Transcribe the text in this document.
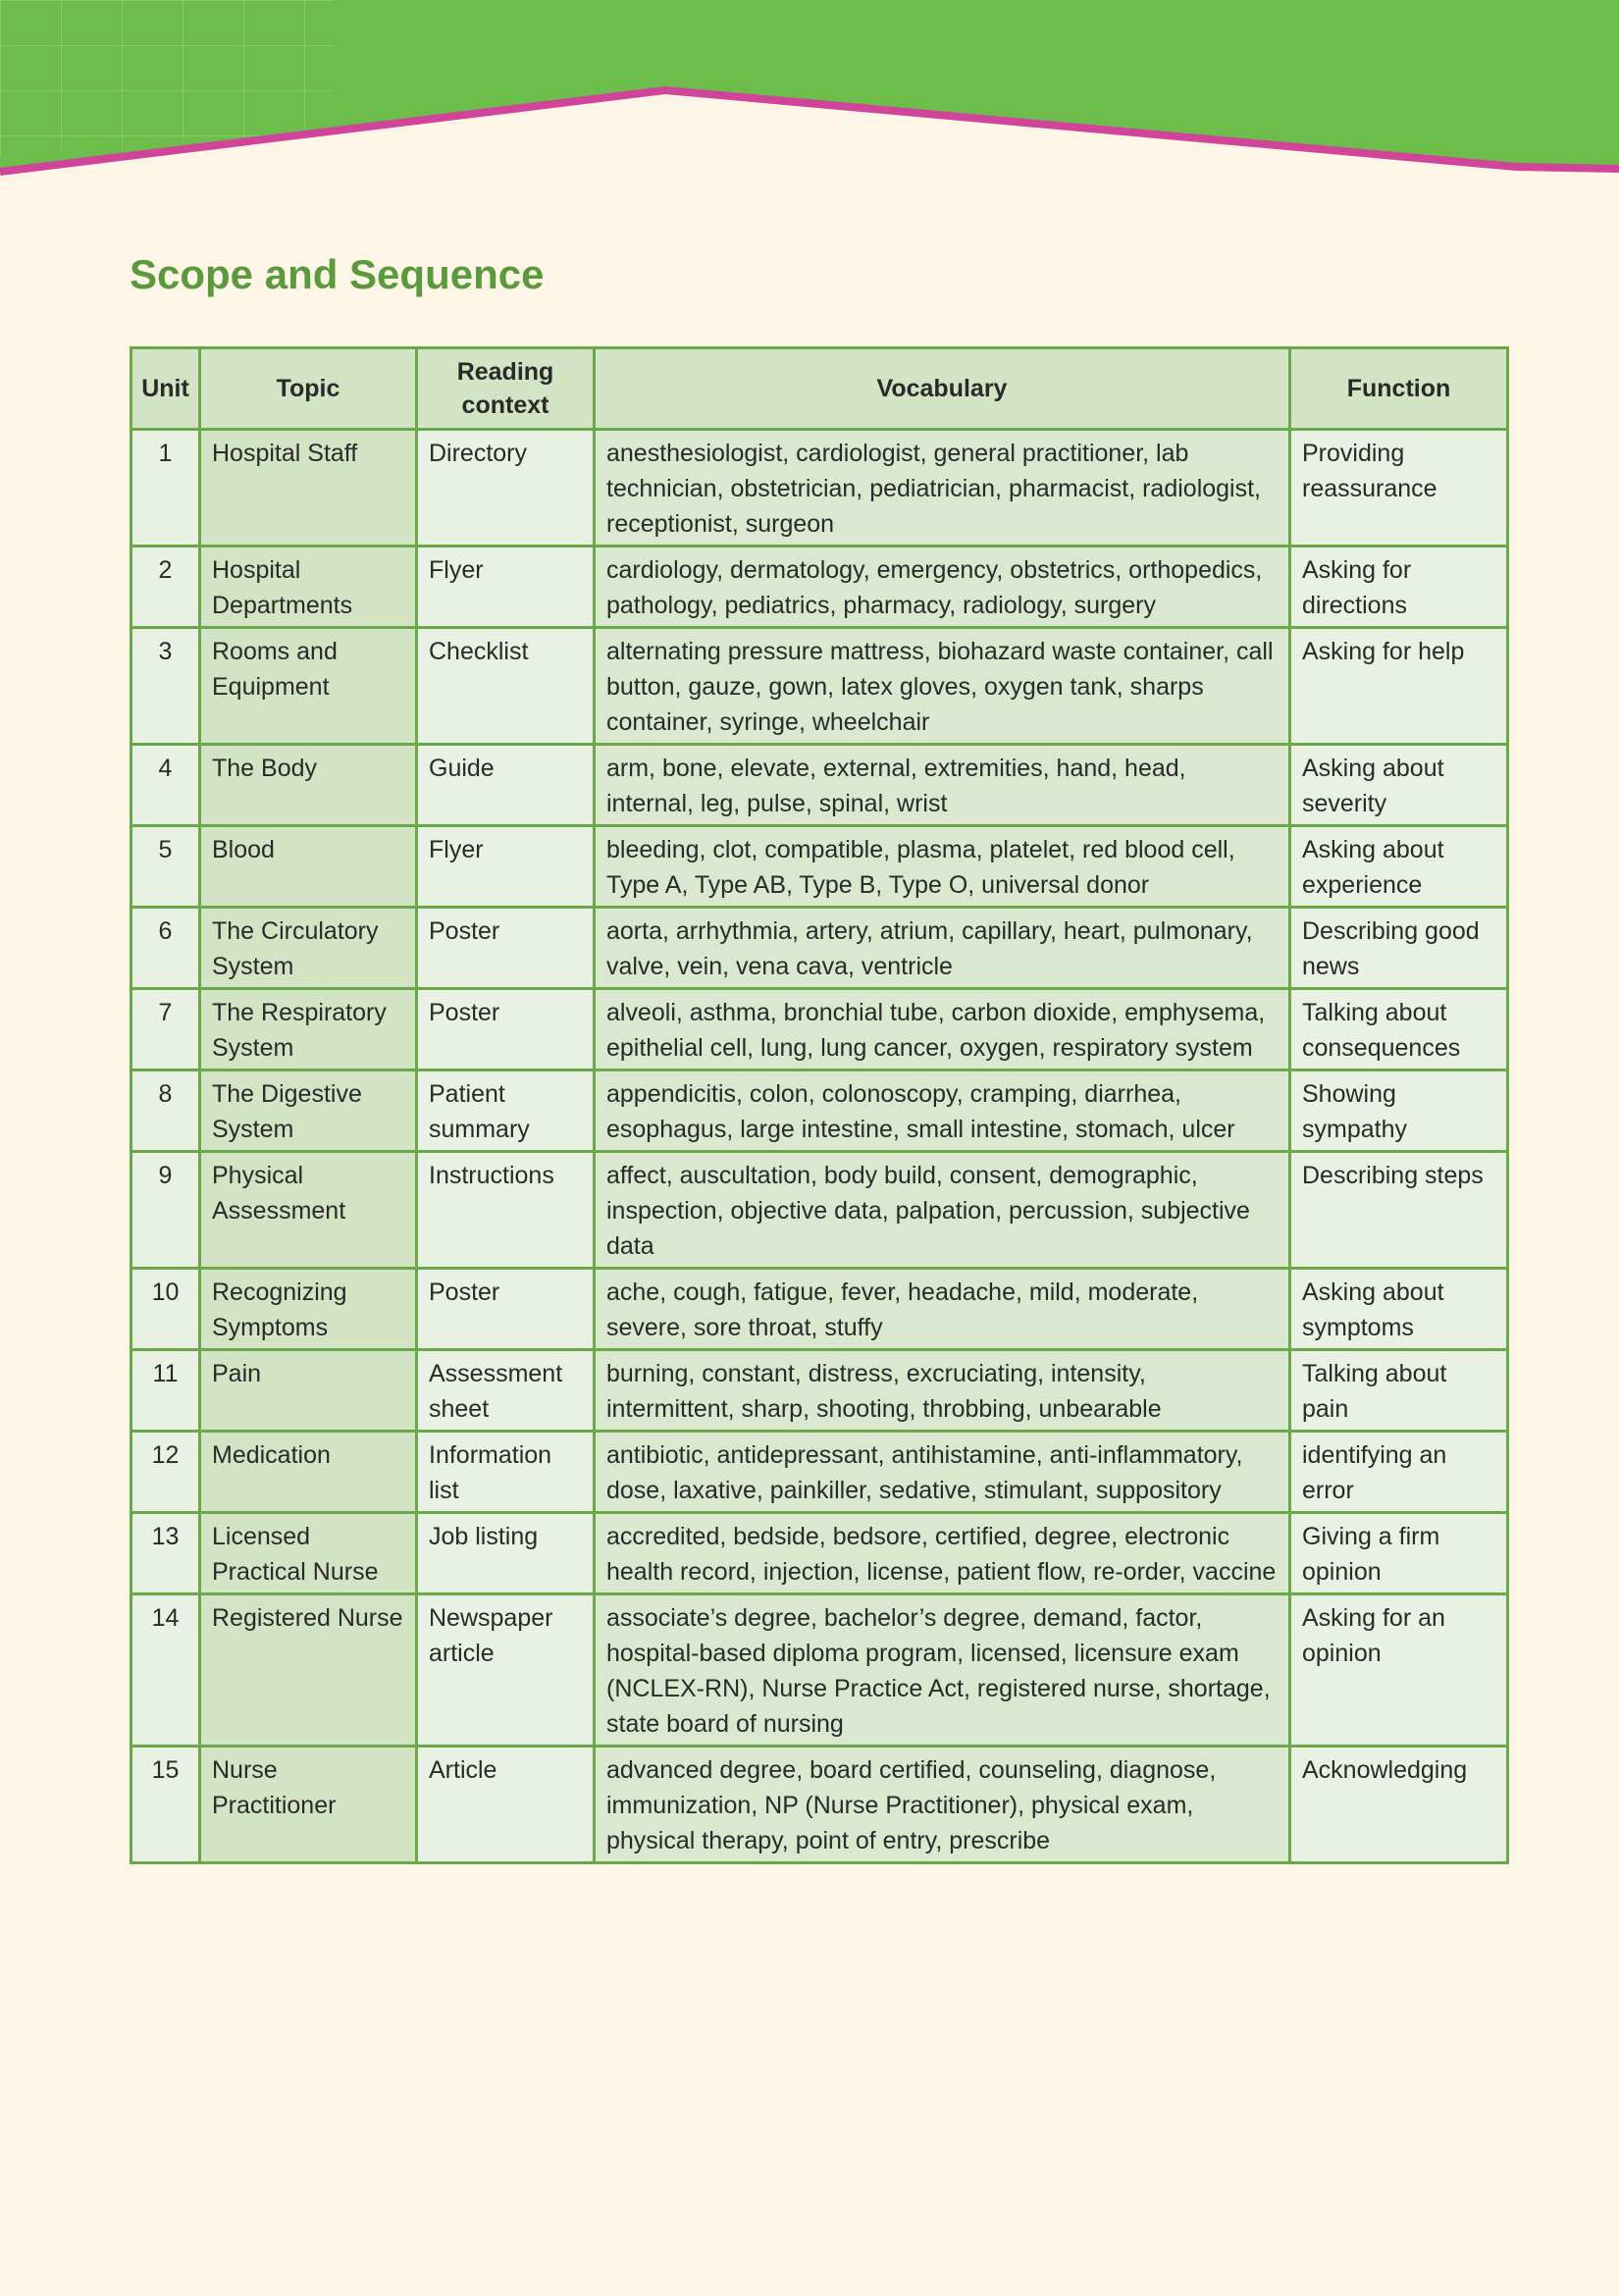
Scope and Sequence
Unit	Topic	Reading context	Vocabulary	Function
1	Hospital Staff	Directory	anesthesiologist, cardiologist, general practitioner, lab technician, obstetrician, pediatrician, pharmacist, radiologist, receptionist, surgeon	Providing reassurance
2	Hospital Departments	Flyer	cardiology, dermatology, emergency, obstetrics, orthopedics, pathology, pediatrics, pharmacy, radiology, surgery	Asking for directions
3	Rooms and Equipment	Checklist	alternating pressure mattress, biohazard waste container, call button, gauze, gown, latex gloves, oxygen tank, sharps container, syringe, wheelchair	Asking for help
4	The Body	Guide	arm, bone, elevate, external, extremities, hand, head, internal, leg, pulse, spinal, wrist	Asking about severity
5	Blood	Flyer	bleeding, clot, compatible, plasma, platelet, red blood cell, Type A, Type AB, Type B, Type O, universal donor	Asking about experience
6	The Circulatory System	Poster	aorta, arrhythmia, artery, atrium, capillary, heart, pulmonary, valve, vein, vena cava, ventricle	Describing good news
7	The Respiratory System	Poster	alveoli, asthma, bronchial tube, carbon dioxide, emphysema, epithelial cell, lung, lung cancer, oxygen, respiratory system	Talking about consequences
8	The Digestive System	Patient summary	appendicitis, colon, colonoscopy, cramping, diarrhea, esophagus, large intestine, small intestine, stomach, ulcer	Showing sympathy
9	Physical Assessment	Instructions	affect, auscultation, body build, consent, demographic, inspection, objective data, palpation, percussion, subjective data	Describing steps
10	Recognizing Symptoms	Poster	ache, cough, fatigue, fever, headache, mild, moderate, severe, sore throat, stuffy	Asking about symptoms
11	Pain	Assessment sheet	burning, constant, distress, excruciating, intensity, intermittent, sharp, shooting, throbbing, unbearable	Talking about pain
12	Medication	Information list	antibiotic, antidepressant, antihistamine, anti-inflammatory, dose, laxative, painkiller, sedative, stimulant, suppository	identifying an error
13	Licensed Practical Nurse	Job listing	accredited, bedside, bedsore, certified, degree, electronic health record, injection, license, patient flow, re-order, vaccine	Giving a firm opinion
14	Registered Nurse	Newspaper article	associate’s degree, bachelor’s degree, demand, factor, hospital-based diploma program, licensed, licensure exam (NCLEX-RN), Nurse Practice Act, registered nurse, shortage, state board of nursing	Asking for an opinion
15	Nurse Practitioner	Article	advanced degree, board certified, counseling, diagnose, immunization, NP (Nurse Practitioner), physical exam, physical therapy, point of entry, prescribe	Acknowledging
